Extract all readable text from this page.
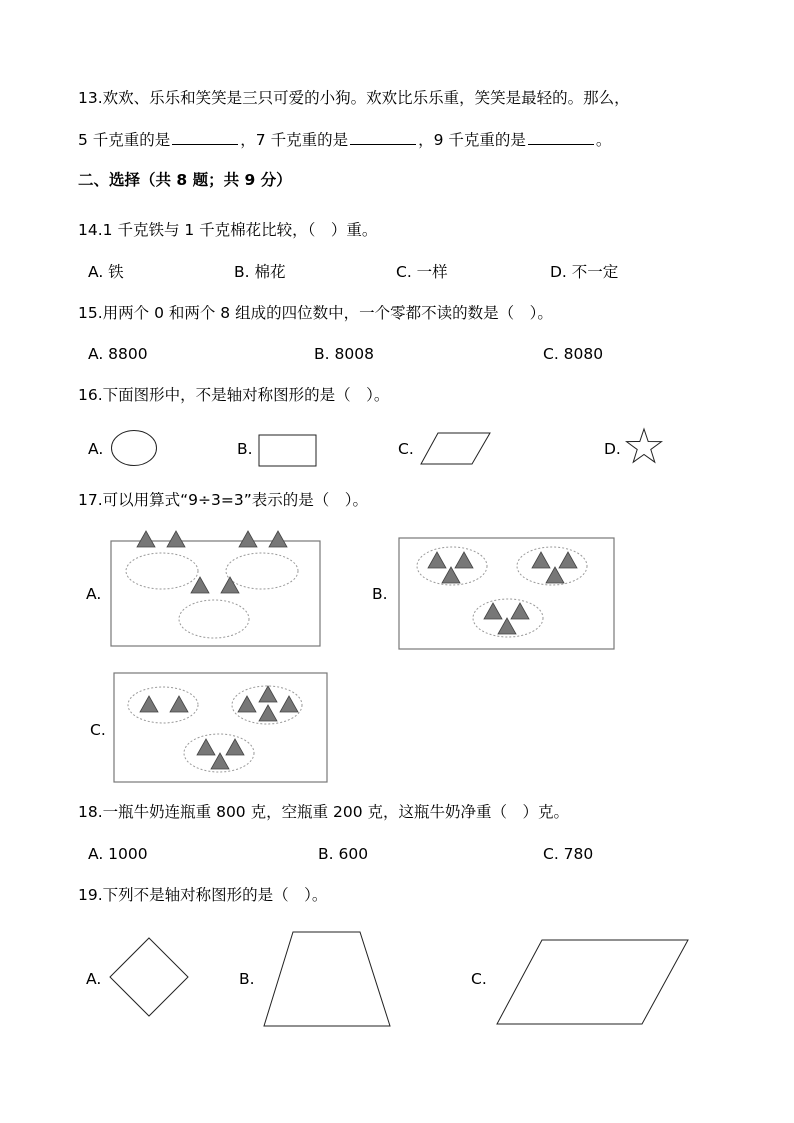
13.欢欢、乐乐和笑笑是三只可爱的小狗。欢欢比乐乐重，笑笑是最轻的。那么，
5 千克重的是	，7 千克重的是	，9 千克重的是	。
二、选择（共 8 题；共 9 分）
14.1 千克铁与 1 千克棉花比较，（　）重。
A. 铁	B. 棉花	C. 一样	D. 不一定
15.用两个 0 和两个 8 组成的四位数中，一个零都不读的数是（　）。
A. 8800	B. 8008	C. 8080
16.下面图形中，不是轴对称图形的是（　）。
A.	B.	C.	D.
17.可以用算式“9÷3=3”表示的是（　）。
A.	B.
C.
18.一瓶牛奶连瓶重 800 克，空瓶重 200 克，这瓶牛奶净重（　）克。
A. 1000	B. 600	C. 780
19.下列不是轴对称图形的是（　）。
A.	B.	C.
